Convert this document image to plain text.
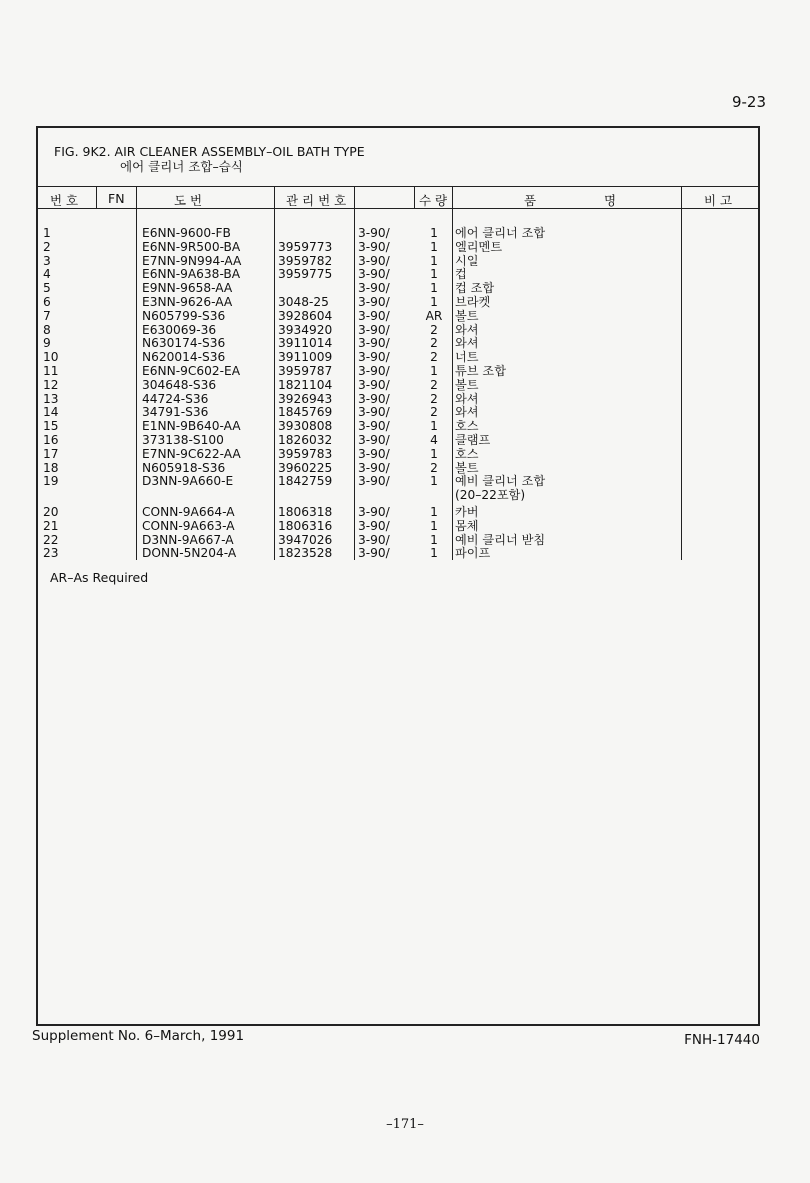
9-23
FIG. 9K2. AIR CLEANER ASSEMBLY–OIL BATH TYPE
에어 클리너 조합–습식
번 호 FN	도 번	관 리 번 호	수 량	품	명	비 고
1	E6NN-9600-FB	3-90/	1	에어 클리너 조합
2	E6NN-9R500-BA	3959773 3-90/	1	엘리멘트
3	E7NN-9N994-AA	3959782 3-90/	1	시일
4	E6NN-9A638-BA	3959775 3-90/	1	컵
5	E9NN-9658-AA	3-90/	1	컵 조합
6	E3NN-9626-AA	3048-25 3-90/	1	브라켓
7	N605799-S36	3928604 3-90/	AR 볼트
8	E630069-36	3934920 3-90/	2	와셔
9	N630174-S36	3911014 3-90/	2	와셔
10	N620014-S36	3911009 3-90/	2	너트
11	E6NN-9C602-EA	3959787 3-90/	1	튜브 조합
12	304648-S36	1821104 3-90/	2	볼트
13	44724-S36	3926943 3-90/	2	와셔
14	34791-S36	1845769 3-90/	2	와셔
15	E1NN-9B640-AA	3930808 3-90/	1	호스
16	373138-S100	1826032 3-90/	4	클램프
17	E7NN-9C622-AA	3959783 3-90/	1	호스
18	N605918-S36	3960225 3-90/	2	볼트
19	D3NN-9A660-E	1842759 3-90/	1	예비 클리너 조합
(20–22포함)
20	CONN-9A664-A	1806318 3-90/	1	카버
21	CONN-9A663-A	1806316 3-90/	1	몸체
22	D3NN-9A667-A	3947026 3-90/	1	예비 클리너 받침
23	DONN-5N204-A	1823528 3-90/	1	파이프
AR–As Required
Supplement No. 6–March, 1991	FNH-17440
–171–
